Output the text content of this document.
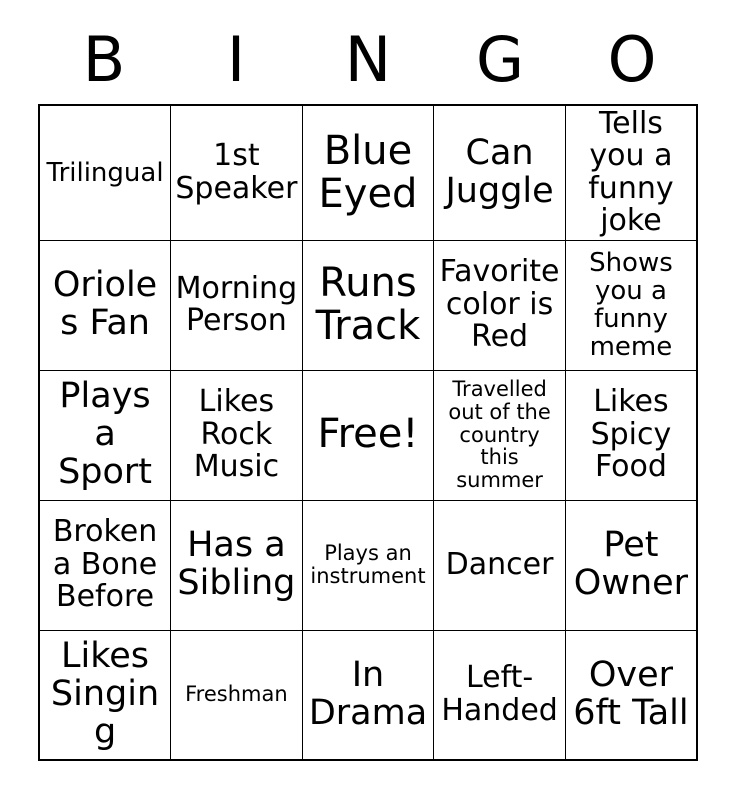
B	I	N	G	O
Trilingual	1st Speaker	Blue Eyed	Can Juggle	Tells you a funny joke
Orioles Fan	Morning Person	Runs Track	Favorite color is Red	Shows you a funny meme
Plays a Sport	Likes Rock Music	Free!	Travelled out of the country this summer	Likes Spicy Food
Broken a Bone Before	Has a Sibling	Plays an instrument	Dancer	Pet Owner
Likes Singing	Freshman	In Drama	Left-Handed	Over 6ft Tall
